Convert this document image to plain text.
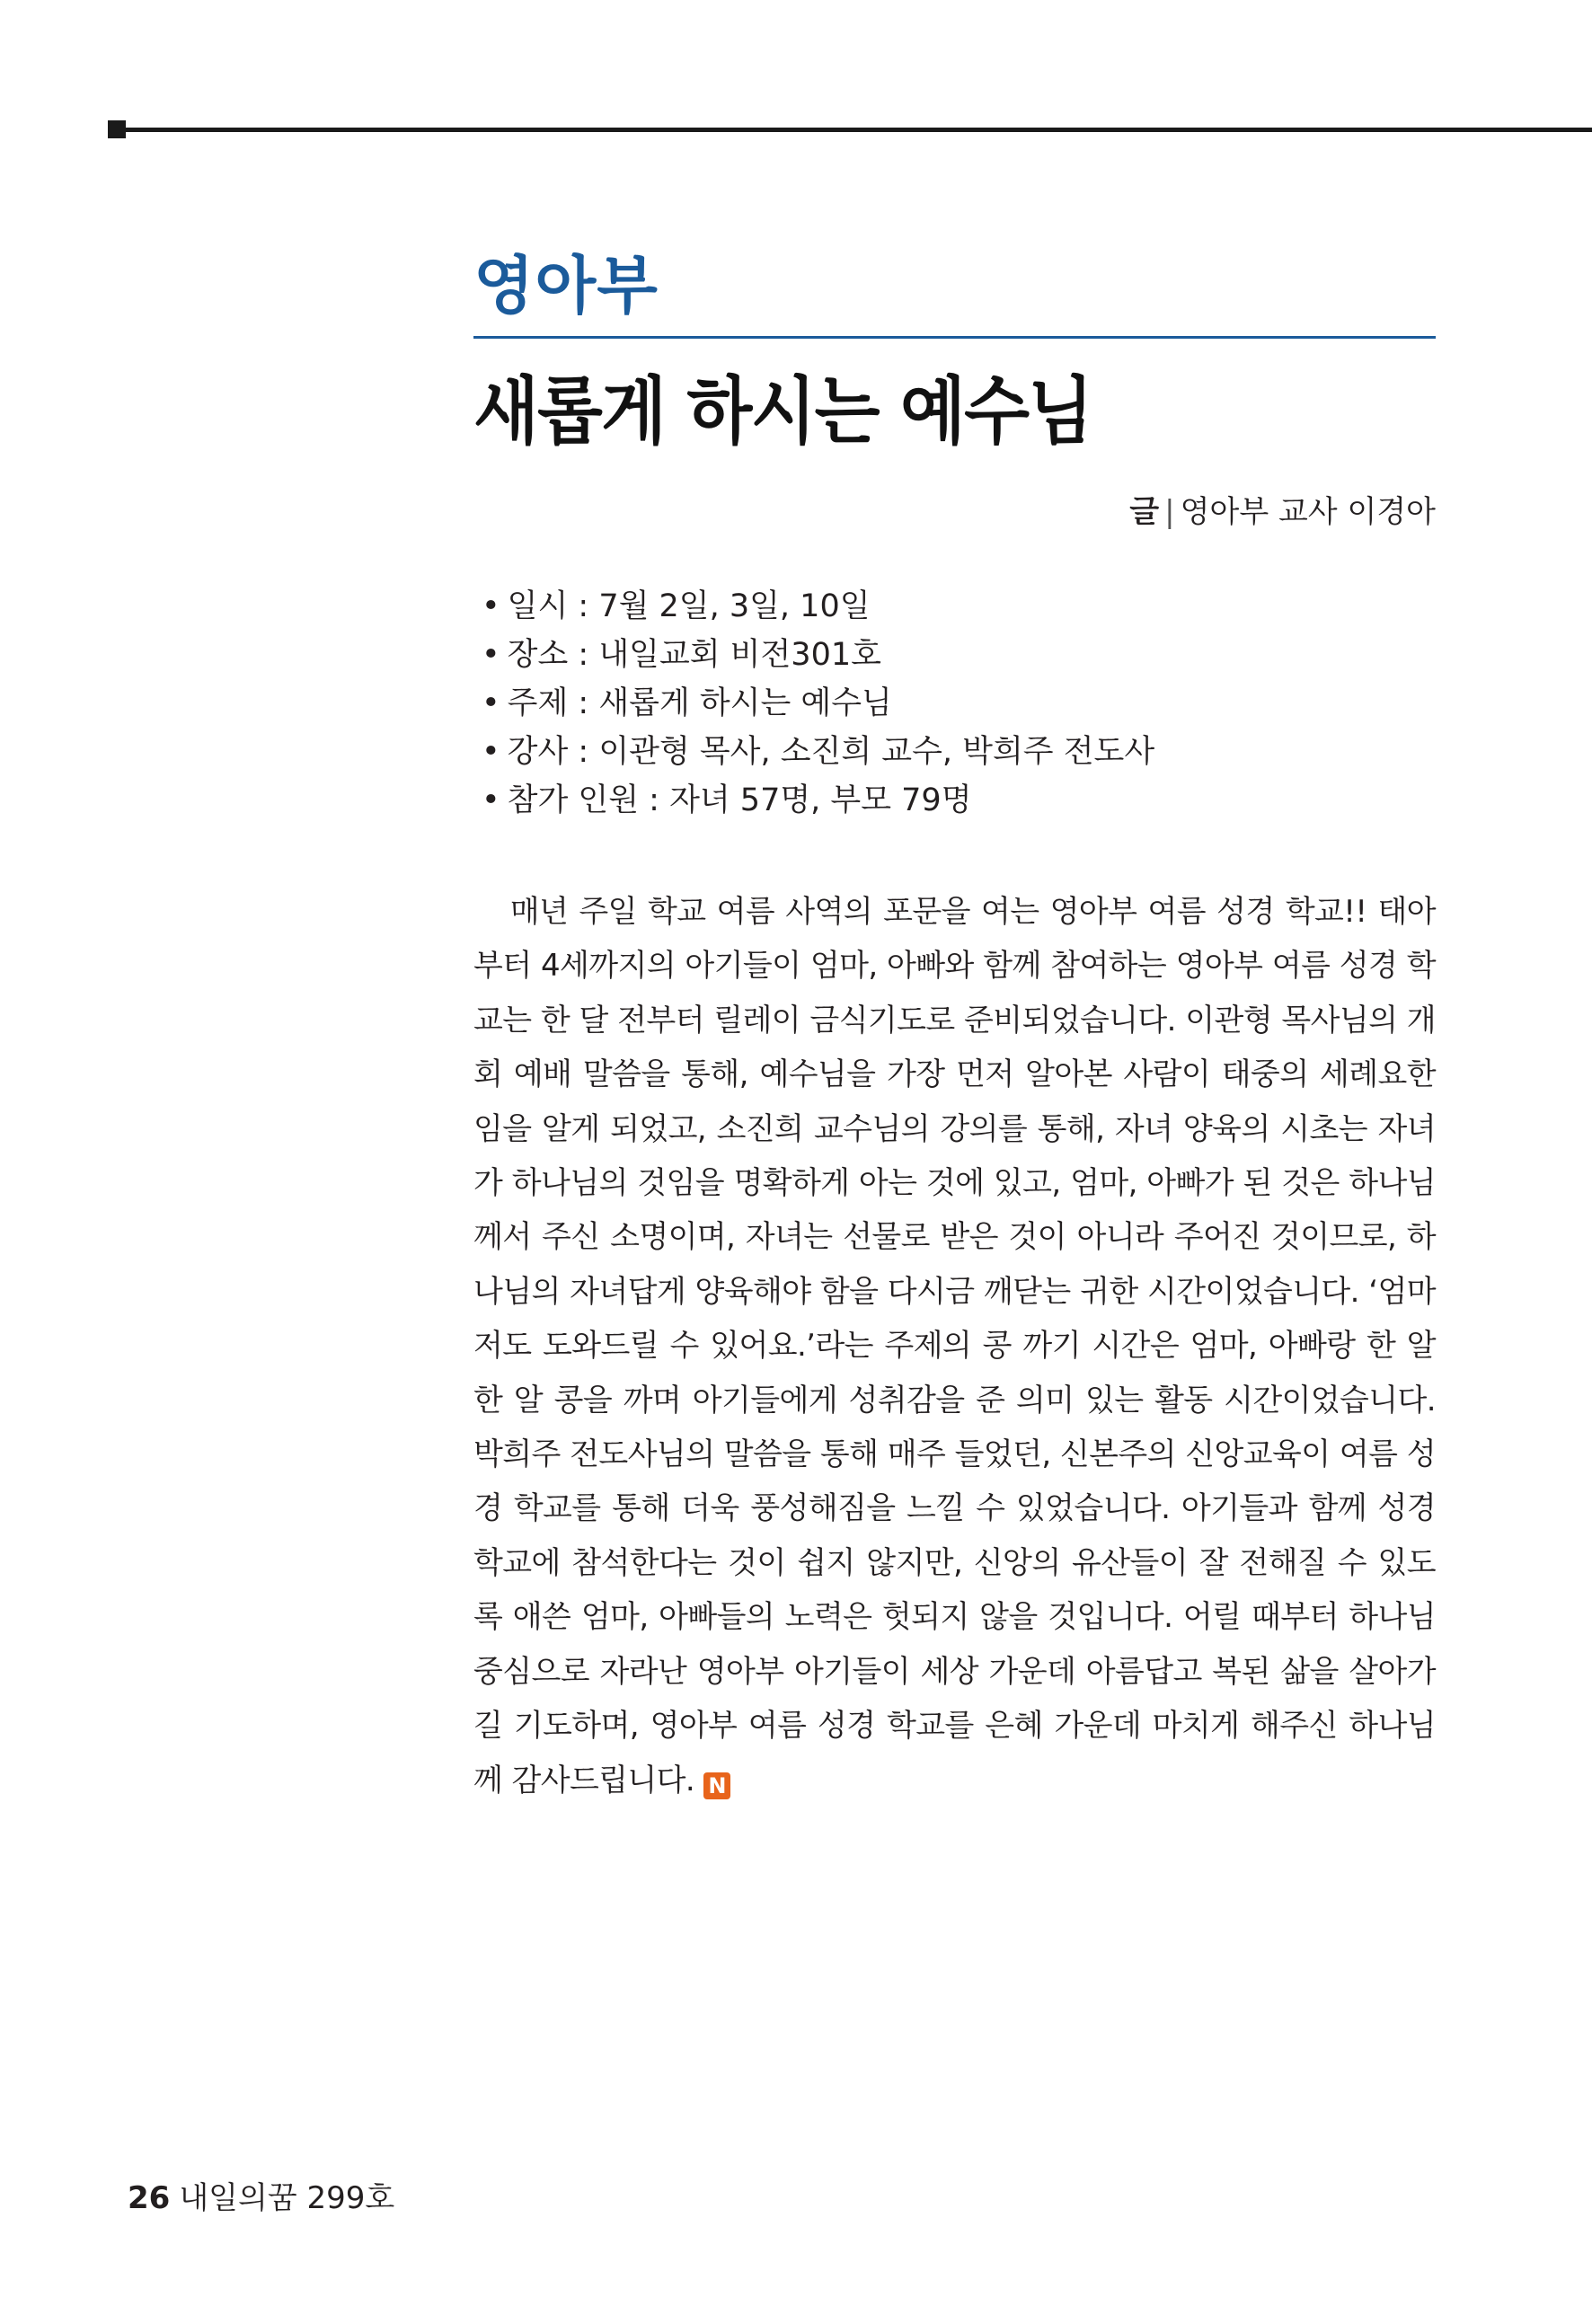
영아부
새롭게 하시는 예수님
글 | 영아부 교사 이경아
• 일시 : 7월 2일, 3일, 10일
• 장소 : 내일교회 비전301호
• 주제 : 새롭게 하시는 예수님
• 강사 : 이관형 목사, 소진희 교수, 박희주 전도사
• 참가 인원 : 자녀 57명, 부모 79명

매년 주일 학교 여름 사역의 포문을 여는 영아부 여름 성경 학교!! 태아부터 4세까지의 아기들이 엄마, 아빠와 함께 참여하는 영아부 여름 성경 학교는 한 달 전부터 릴레이 금식기도로 준비되었습니다. 이관형 목사님의 개회 예배 말씀을 통해, 예수님을 가장 먼저 알아본 사람이 태중의 세례요한임을 알게 되었고, 소진희 교수님의 강의를 통해, 자녀 양육의 시초는 자녀가 하나님의 것임을 명확하게 아는 것에 있고, 엄마, 아빠가 된 것은 하나님께서 주신 소명이며, 자녀는 선물로 받은 것이 아니라 주어진 것이므로, 하나님의 자녀답게 양육해야 함을 다시금 깨닫는 귀한 시간이었습니다. ‘엄마 저도 도와드릴 수 있어요.’라는 주제의 콩 까기 시간은 엄마, 아빠랑 한 알 한 알 콩을 까며 아기들에게 성취감을 준 의미 있는 활동 시간이었습니다. 박희주 전도사님의 말씀을 통해 매주 들었던, 신본주의 신앙교육이 여름 성경 학교를 통해 더욱 풍성해짐을 느낄 수 있었습니다. 아기들과 함께 성경학교에 참석한다는 것이 쉽지 않지만, 신앙의 유산들이 잘 전해질 수 있도록 애쓴 엄마, 아빠들의 노력은 헛되지 않을 것입니다. 어릴 때부터 하나님 중심으로 자라난 영아부 아기들이 세상 가운데 아름답고 복된 삶을 살아가길 기도하며, 영아부 여름 성경 학교를 은혜 가운데 마치게 해주신 하나님께 감사드립니다. N

26 내일의꿈 299호
